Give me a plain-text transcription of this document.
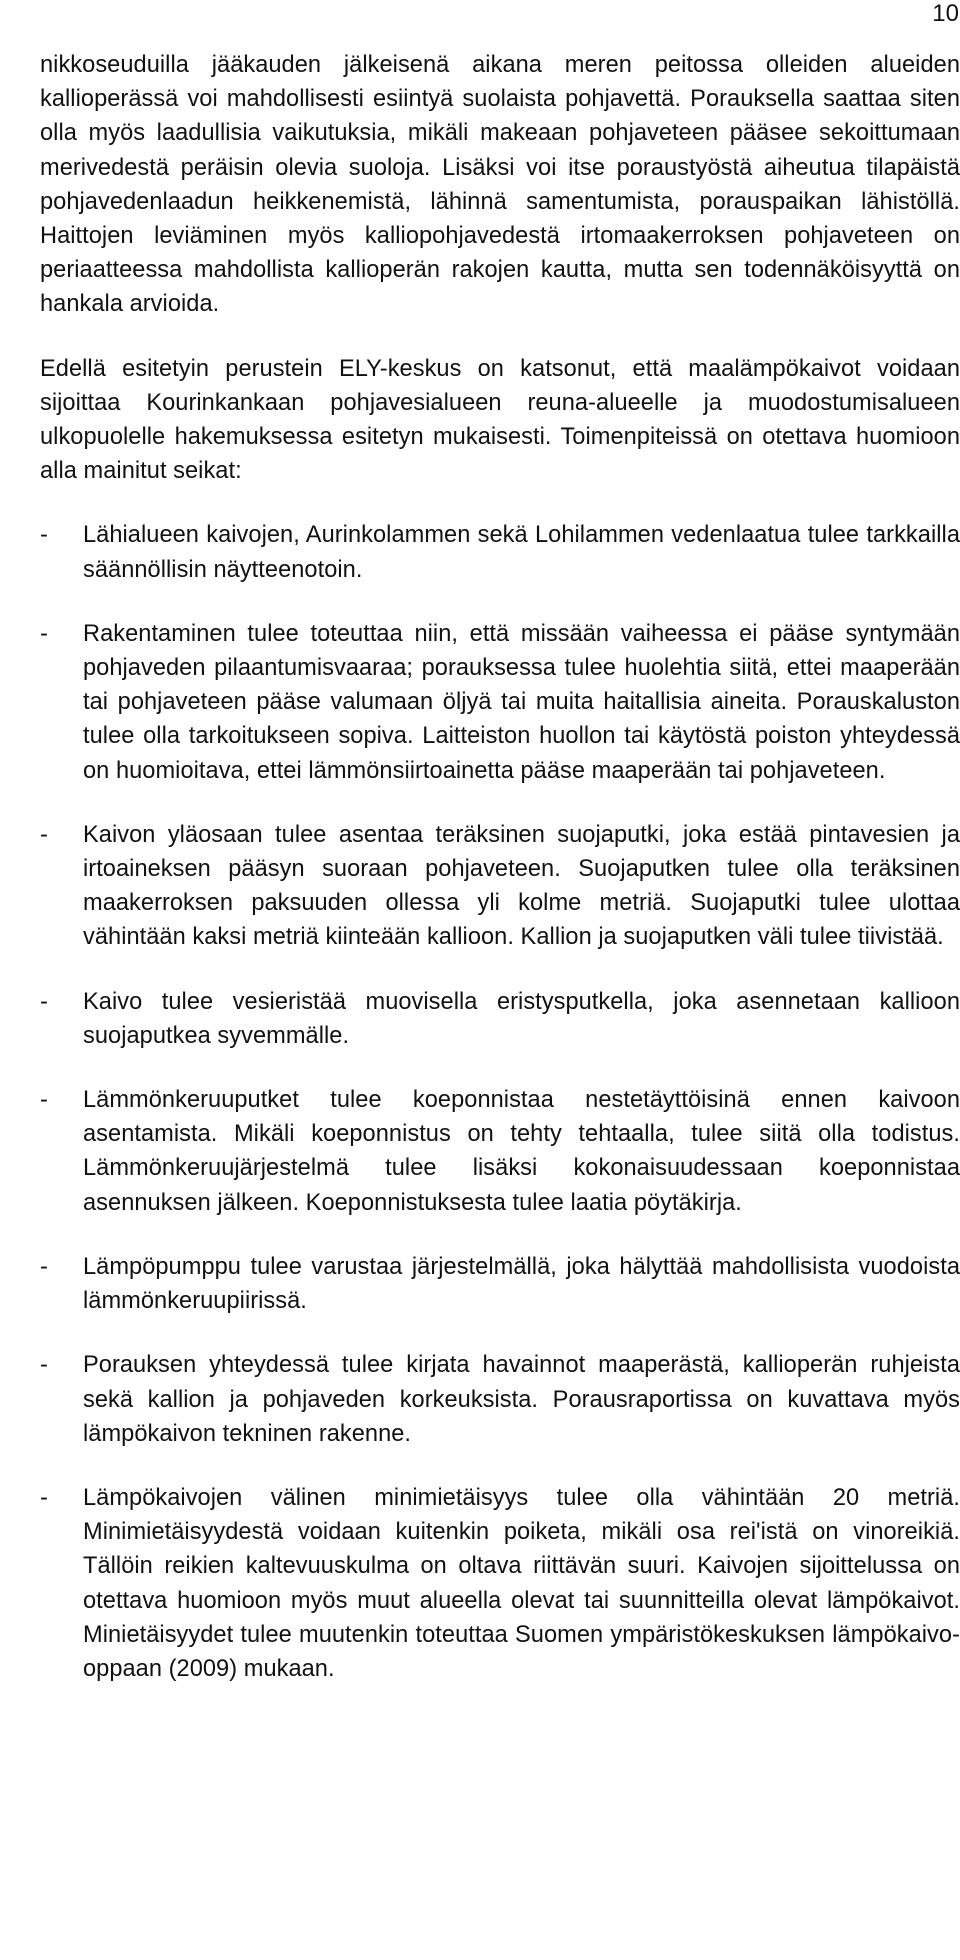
10

nikkoseuduilla jääkauden jälkeisenä aikana meren peitossa olleiden alueiden kallioperässä voi mahdollisesti esiintyä suolaista pohjavettä. Porauksella saattaa siten olla myös laadullisia vaikutuksia, mikäli makeaan pohjaveteen pääsee sekoittumaan merivedestä peräisin olevia suoloja. Lisäksi voi itse poraustyöstä aiheutua tilapäistä pohjavedenlaadun heikkenemistä, lähinnä samentumista, porauspaikan lähistöllä. Haittojen leviäminen myös kalliopohjavedestä irtomaakerroksen pohjaveteen on periaatteessa mahdollista kallioperän rakojen kautta, mutta sen todennäköisyyttä on hankala arvioida.

Edellä esitetyin perustein ELY-keskus on katsonut, että maalämpökaivot voidaan sijoittaa Kourinkankaan pohjavesialueen reuna-alueelle ja muodostumisalueen ulkopuolelle hakemuksessa esitetyn mukaisesti. Toimenpiteissä on otettava huomioon alla mainitut seikat:

-	Lähialueen kaivojen, Aurinkolammen sekä Lohilammen vedenlaatua tulee tarkkailla säännöllisin näytteenotoin.
-	Rakentaminen tulee toteuttaa niin, että missään vaiheessa ei pääse syntymään pohjaveden pilaantumisvaaraa; porauksessa tulee huolehtia siitä, ettei maaperään tai pohjaveteen pääse valumaan öljyä tai muita haitallisia aineita. Porauskaluston tulee olla tarkoitukseen sopiva. Laitteiston huollon tai käytöstä poiston yhteydessä on huomioitava, ettei lämmönsiirtoainetta pääse maaperään tai pohjaveteen.
-	Kaivon yläosaan tulee asentaa teräksinen suojaputki, joka estää pintavesien ja irtoaineksen pääsyn suoraan pohjaveteen. Suojaputken tulee olla teräksinen maakerroksen paksuuden ollessa yli kolme metriä. Suojaputki tulee ulottaa vähintään kaksi metriä kiinteään kallioon. Kallion ja suojaputken väli tulee tiivistää.
-	Kaivo tulee vesieristää muovisella eristysputkella, joka asennetaan kallioon suojaputkea syvemmälle.
-	Lämmönkeruuputket tulee koeponnistaa nestetäyttöisinä ennen kaivoon asentamista. Mikäli koeponnistus on tehty tehtaalla, tulee siitä olla todistus. Lämmönkeruujärjestelmä tulee lisäksi kokonaisuudessaan koeponnistaa asennuksen jälkeen. Koeponnistuksesta tulee laatia pöytäkirja.
-	Lämpöpumppu tulee varustaa järjestelmällä, joka hälyttää mahdollisista vuodoista lämmönkeruupiirissä.
-	Porauksen yhteydessä tulee kirjata havainnot maaperästä, kallioperän ruhjeista sekä kallion ja pohjaveden korkeuksista. Porausraportissa on kuvattava myös lämpökaivon tekninen rakenne.
-	Lämpökaivojen välinen minimietäisyys tulee olla vähintään 20 metriä. Minimietäisyydestä voidaan kuitenkin poiketa, mikäli osa rei'istä on vinoreikiä. Tällöin reikien kaltevuuskulma on oltava riittävän suuri. Kaivojen sijoittelussa on otettava huomioon myös muut alueella olevat tai suunnitteilla olevat lämpökaivot. Minietäisyydet tulee muutenkin toteuttaa Suomen ympäristökeskuksen lämpökaivo-oppaan (2009) mukaan.
